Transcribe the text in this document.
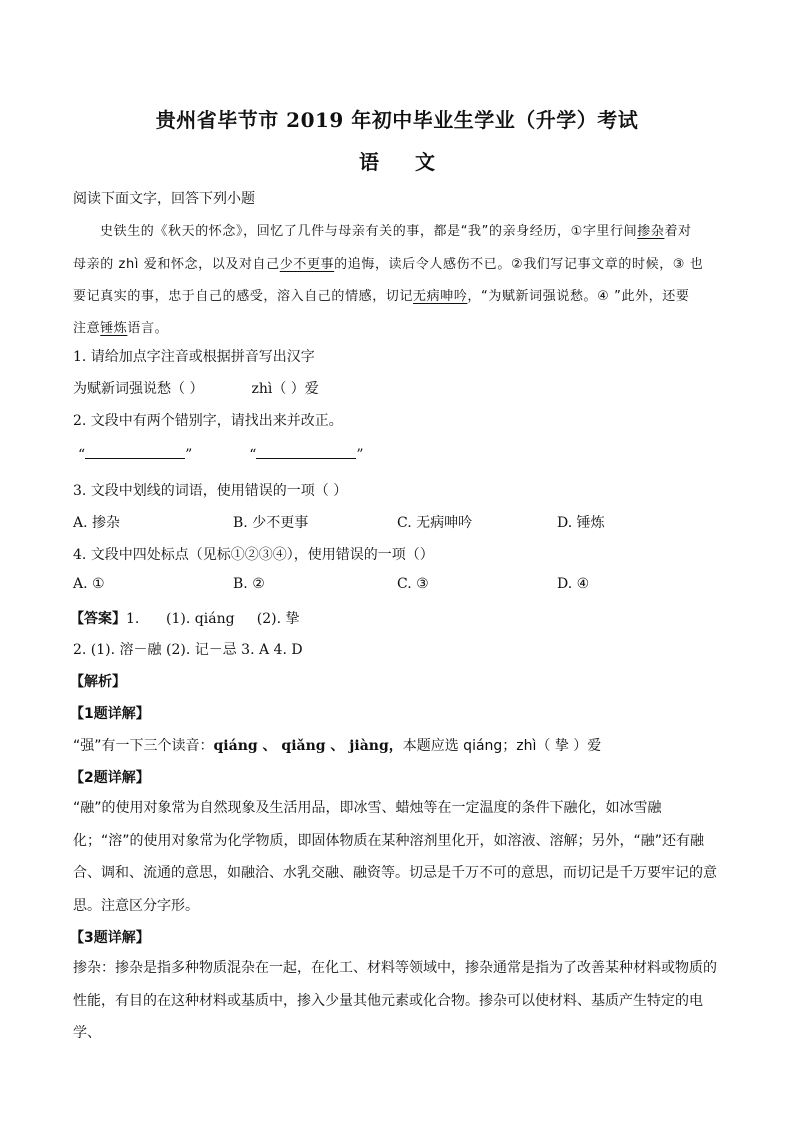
贵州省毕节市 2019 年初中毕业生学业（升学）考试
语 文
阅读下面文字，回答下列小题
史铁生的《秋天的怀念》，回忆了几件与母亲有关的事，都是“我”的亲身经历，①字里行间掺杂着对
母亲的 zhì 爱和怀念，以及对自己少不更事的追悔，读后令人感伤不已。②我们写记事文章的时候，③ 也
要记真实的事，忠于自己的感受，溶入自己的情感，切记无病呻吟，“为赋新词强说愁。④ ”此外，还要
注意锤炼语言。
1. 请给加点字注音或根据拼音写出汉字
为赋新词强说愁（ ）	zhì（ ）爱
2. 文段中有两个错别字，请找出来并改正。
“	”	“	”
3. 文段中划线的词语，使用错误的一项（ ）
A. 掺杂	B. 少不更事	C. 无病呻吟	D. 锤炼
4. 文段中四处标点（见标①②③④），使用错误的一项（）
A. ①	B. ②	C. ③	D. ④
【答案】1.      (1). qiáng     (2). 挚
2. (1). 溶－融 (2). 记－忌 3. A 4. D
【解析】
【1题详解】
“强”有一下三个读音：qiáng 、 qiǎng 、 jiàng，本题应选 qiáng；zhì（ 挚 ）爱
【2题详解】
“融”的使用对象常为自然现象及生活用品，即冰雪、蜡烛等在一定温度的条件下融化，如冰雪融化；“溶”的使用对象常为化学物质，即固体物质在某种溶剂里化开，如溶液、溶解；另外，“融”还有融合、调和、流通的意思，如融洽、水乳交融、融资等。切忌是千万不可的意思，而切记是千万要牢记的意思。注意区分字形。
【3题详解】
掺杂：掺杂是指多种物质混杂在一起，在化工、材料等领域中，掺杂通常是指为了改善某种材料或物质的性能，有目的在这种材料或基质中，掺入少量其他元素或化合物。掺杂可以使材料、基质产生特定的电学、
